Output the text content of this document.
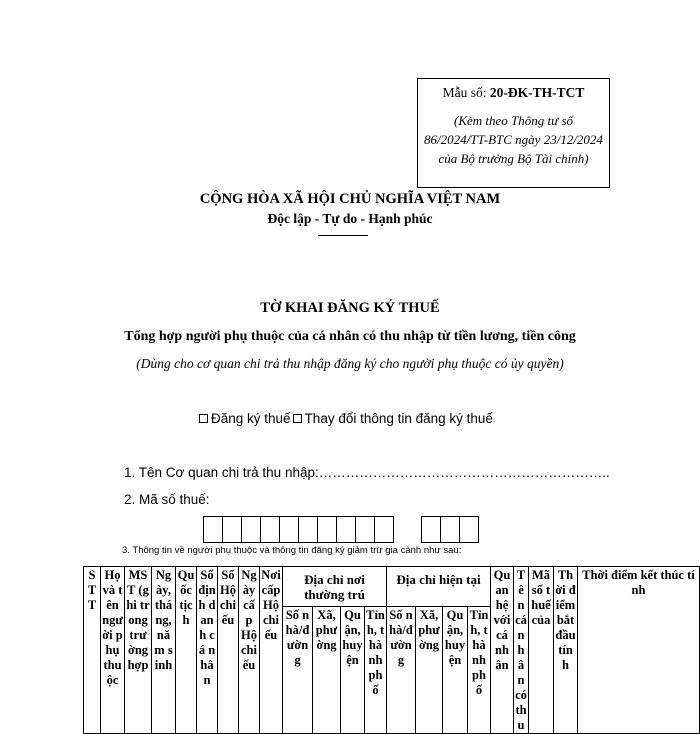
Mẫu số: 20-ĐK-TH-TCT
(Kèm theo Thông tư số 86/2024/TT-BTC ngày 23/12/2024 của Bộ trưởng Bộ Tài chính)
CỘNG HÒA XÃ HỘI CHỦ NGHĨA VIỆT NAM
Độc lập - Tự do - Hạnh phúc
TỜ KHAI ĐĂNG KÝ THUẾ
Tổng hợp người phụ thuộc của cá nhân có thu nhập từ tiền lương, tiền công
(Dùng cho cơ quan chi trả thu nhập đăng ký cho người phụ thuộc có ủy quyền)
Đăng ký thuế Thay đổi thông tin đăng ký thuế
1. Tên Cơ quan chi trả thu nhập:………………………………………………………..
2. Mã số thuế:
3. Thông tin về người phụ thuộc và thông tin đăng ký giảm trừ gia cảnh như sau:
STT	Họ và tên người phụ thuộc	MST (ghi trong trường hợp	Ngày, tháng, năm sinh	Quốc tịch	Số định danh cá nhân	Số Hộ chiếu	Ngày cấp Hộ chiếu	Nơi cấp Hộ chiếu	Địa chỉ nơi thường trú				Địa chỉ hiện tại				Quan hệ với cá nhân	Tên cá nhân có thu	Mã số thuế của	Thời điểm bắt đầu tính	Thời điểm kết thúc tính
									Số nhà/đường	Xã, phường	Quận, huyện	Tỉnh, thành phố	Số nhà/đường	Xã, phường	Quận, huyện	Tỉnh, thành phố					
